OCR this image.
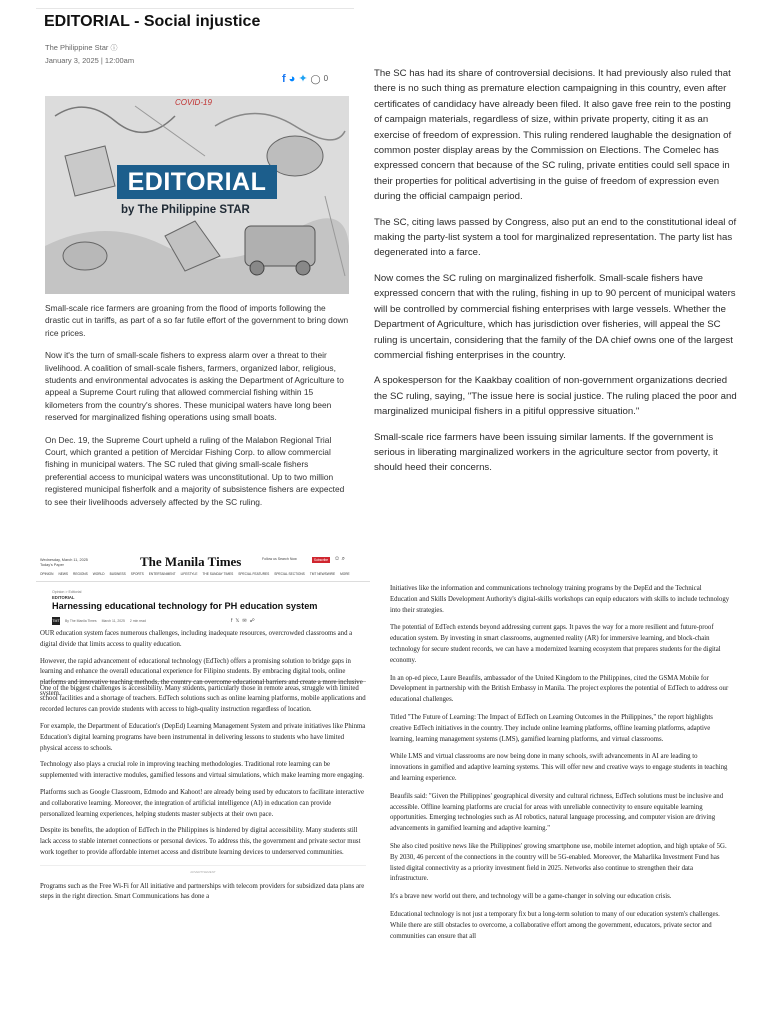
EDITORIAL - Social injustice
The Philippine Star ⓘ
January 3, 2025 | 12:00am
f ◕ ✦ ◯ 0
COVID-19
EDITORIAL
by The Philippine STAR

Small-scale rice farmers are groaning from the flood of imports following the drastic cut in tariffs, as part of a so far futile effort of the government to bring down rice prices.

Now it's the turn of small-scale fishers to express alarm over a threat to their livelihood. A coalition of small-scale fishers, farmers, organized labor, religious, students and environmental advocates is asking the Department of Agriculture to appeal a Supreme Court ruling that allowed commercial fishing within 15 kilometers from the country's shores. These municipal waters have long been reserved for marginalized fishing operations using small boats.

On Dec. 19, the Supreme Court upheld a ruling of the Malabon Regional Trial Court, which granted a petition of Mercidar Fishing Corp. to allow commercial fishing in municipal waters. The SC ruled that giving small-scale fishers preferential access to municipal waters was unconstitutional. Up to two million registered municipal fisherfolk and a majority of subsistence fishers are expected to see their livelihoods adversely affected by the SC ruling.

The SC has had its share of controversial decisions. It had previously also ruled that there is no such thing as premature election campaigning in this country, even after certificates of candidacy have already been filed. It also gave free rein to the posting of campaign materials, regardless of size, within private property, citing it as an exercise of freedom of expression. This ruling rendered laughable the designation of common poster display areas by the Commission on Elections. The Comelec has expressed concern that because of the SC ruling, private entities could sell space in their properties for political advertising in the guise of freedom of expression even during the official campaign period.

The SC, citing laws passed by Congress, also put an end to the constitutional ideal of making the party-list system a tool for marginalized representation. The party list has degenerated into a farce.

Now comes the SC ruling on marginalized fisherfolk. Small-scale fishers have expressed concern that with the ruling, fishing in up to 90 percent of municipal waters will be controlled by commercial fishing enterprises with large vessels. Whether the Department of Agriculture, which has jurisdiction over fisheries, will appeal the SC ruling is uncertain, considering that the family of the DA chief owns one of the largest commercial fishing enterprises in the country.

A spokesperson for the Kaakbay coalition of non-government organizations decried the SC ruling, saying, "The issue here is social justice. The ruling placed the poor and marginalized municipal fishers in a pitiful oppressive situation."

Small-scale rice farmers have been issuing similar laments. If the government is serious in liberating marginalized workers in the agriculture sector from poverty, it should heed their concerns.

Wednesday, March 11, 2025
Today's Paper	The Manila Times	Follow us Search Now	Subscribe ☺ ⌕
OPINION NEWS REGIONS WORLD BUSINESS SPORTS ENTERTAINMENT LIFESTYLE THE SUNDAY TIMES SPECIAL FEATURES SPECIAL SECTIONS TMT NEWSWIRE MORE
Opinion > Editorial
EDITORIAL
Harnessing educational technology for PH education system
TMT By The Manila Times March 11, 2025 2 min read	f 𝕏 ✉ ☍

OUR education system faces numerous challenges, including inadequate resources, overcrowded classrooms and a digital divide that limits access to quality education.

However, the rapid advancement of educational technology (EdTech) offers a promising solution to bridge gaps in learning and enhance the overall educational experience for Filipino students. By embracing digital tools, online platforms and innovative teaching methods, the country can overcome educational barriers and create a more inclusive system.

One of the biggest challenges is accessibility. Many students, particularly those in remote areas, struggle with limited school facilities and a shortage of teachers. EdTech solutions such as online learning platforms, mobile applications and recorded lectures can provide students with access to high-quality instruction regardless of location.

For example, the Department of Education's (DepEd) Learning Management System and private initiatives like Phinma Education's digital learning programs have been instrumental in delivering lessons to students who have limited physical access to schools.

Technology also plays a crucial role in improving teaching methodologies. Traditional rote learning can be supplemented with interactive modules, gamified lessons and virtual simulations, which make learning more engaging.

Platforms such as Google Classroom, Edmodo and Kahoot! are already being used by educators to facilitate interactive and collaborative learning. Moreover, the integration of artificial intelligence (AI) in education can provide personalized learning experiences, helping students master subjects at their own pace.

Despite its benefits, the adoption of EdTech in the Philippines is hindered by digital accessibility. Many students still lack access to stable internet connections or personal devices. To address this, the government and private sector must work together to provide affordable internet access and distribute learning devices to underserved communities.

ADVERTISEMENT

Programs such as the Free Wi-Fi for All initiative and partnerships with telecom providers for subsidized data plans are steps in the right direction. Smart Communications has done a

Initiatives like the information and communications technology training programs by the DepEd and the Technical Education and Skills Development Authority's digital-skills workshops can equip educators with skills to include technology into their strategies.

The potential of EdTech extends beyond addressing current gaps. It paves the way for a more resilient and future-proof education system. By investing in smart classrooms, augmented reality (AR) for immersive learning, and block-chain technology for secure student records, we can have a modernized learning ecosystem that prepares students for the digital economy.

In an op-ed piece, Laure Beaufils, ambassador of the United Kingdom to the Philippines, cited the GSMA Mobile for Development in partnership with the British Embassy in Manila. The project explores the potential of EdTech to address our educational challenges.

Titled "The Future of Learning: The Impact of EdTech on Learning Outcomes in the Philippines," the report highlights creative EdTech initiatives in the country. They include online learning platforms, offline learning platforms, adaptive learning, learning management systems (LMS), gamified learning platforms, and virtual classrooms.

While LMS and virtual classrooms are now being done in many schools, swift advancements in AI are leading to innovations in gamified and adaptive learning systems. This will offer new and creative ways to engage students in teaching and learning experience.

Beaufils said: "Given the Philippines' geographical diversity and cultural richness, EdTech solutions must be inclusive and accessible. Offline learning platforms are crucial for areas with unreliable connectivity to ensure equitable learning opportunities. Emerging technologies such as AI robotics, natural language processing, and computer vision are driving advancements in gamified learning and adaptive learning."

She also cited positive news like the Philippines' growing smartphone use, mobile internet adoption, and high uptake of 5G. By 2030, 46 percent of the connections in the country will be 5G-enabled. Moreover, the Maharlika Investment Fund has listed digital connectivity as a priority investment field in 2025. Networks also continue to strengthen their data infrastructure.

It's a brave new world out there, and technology will be a game-changer in solving our education crisis.

Educational technology is not just a temporary fix but a long-term solution to many of our education system's challenges. While there are still obstacles to overcome, a collaborative effort among the government, educators, private sector and communities can ensure that all
